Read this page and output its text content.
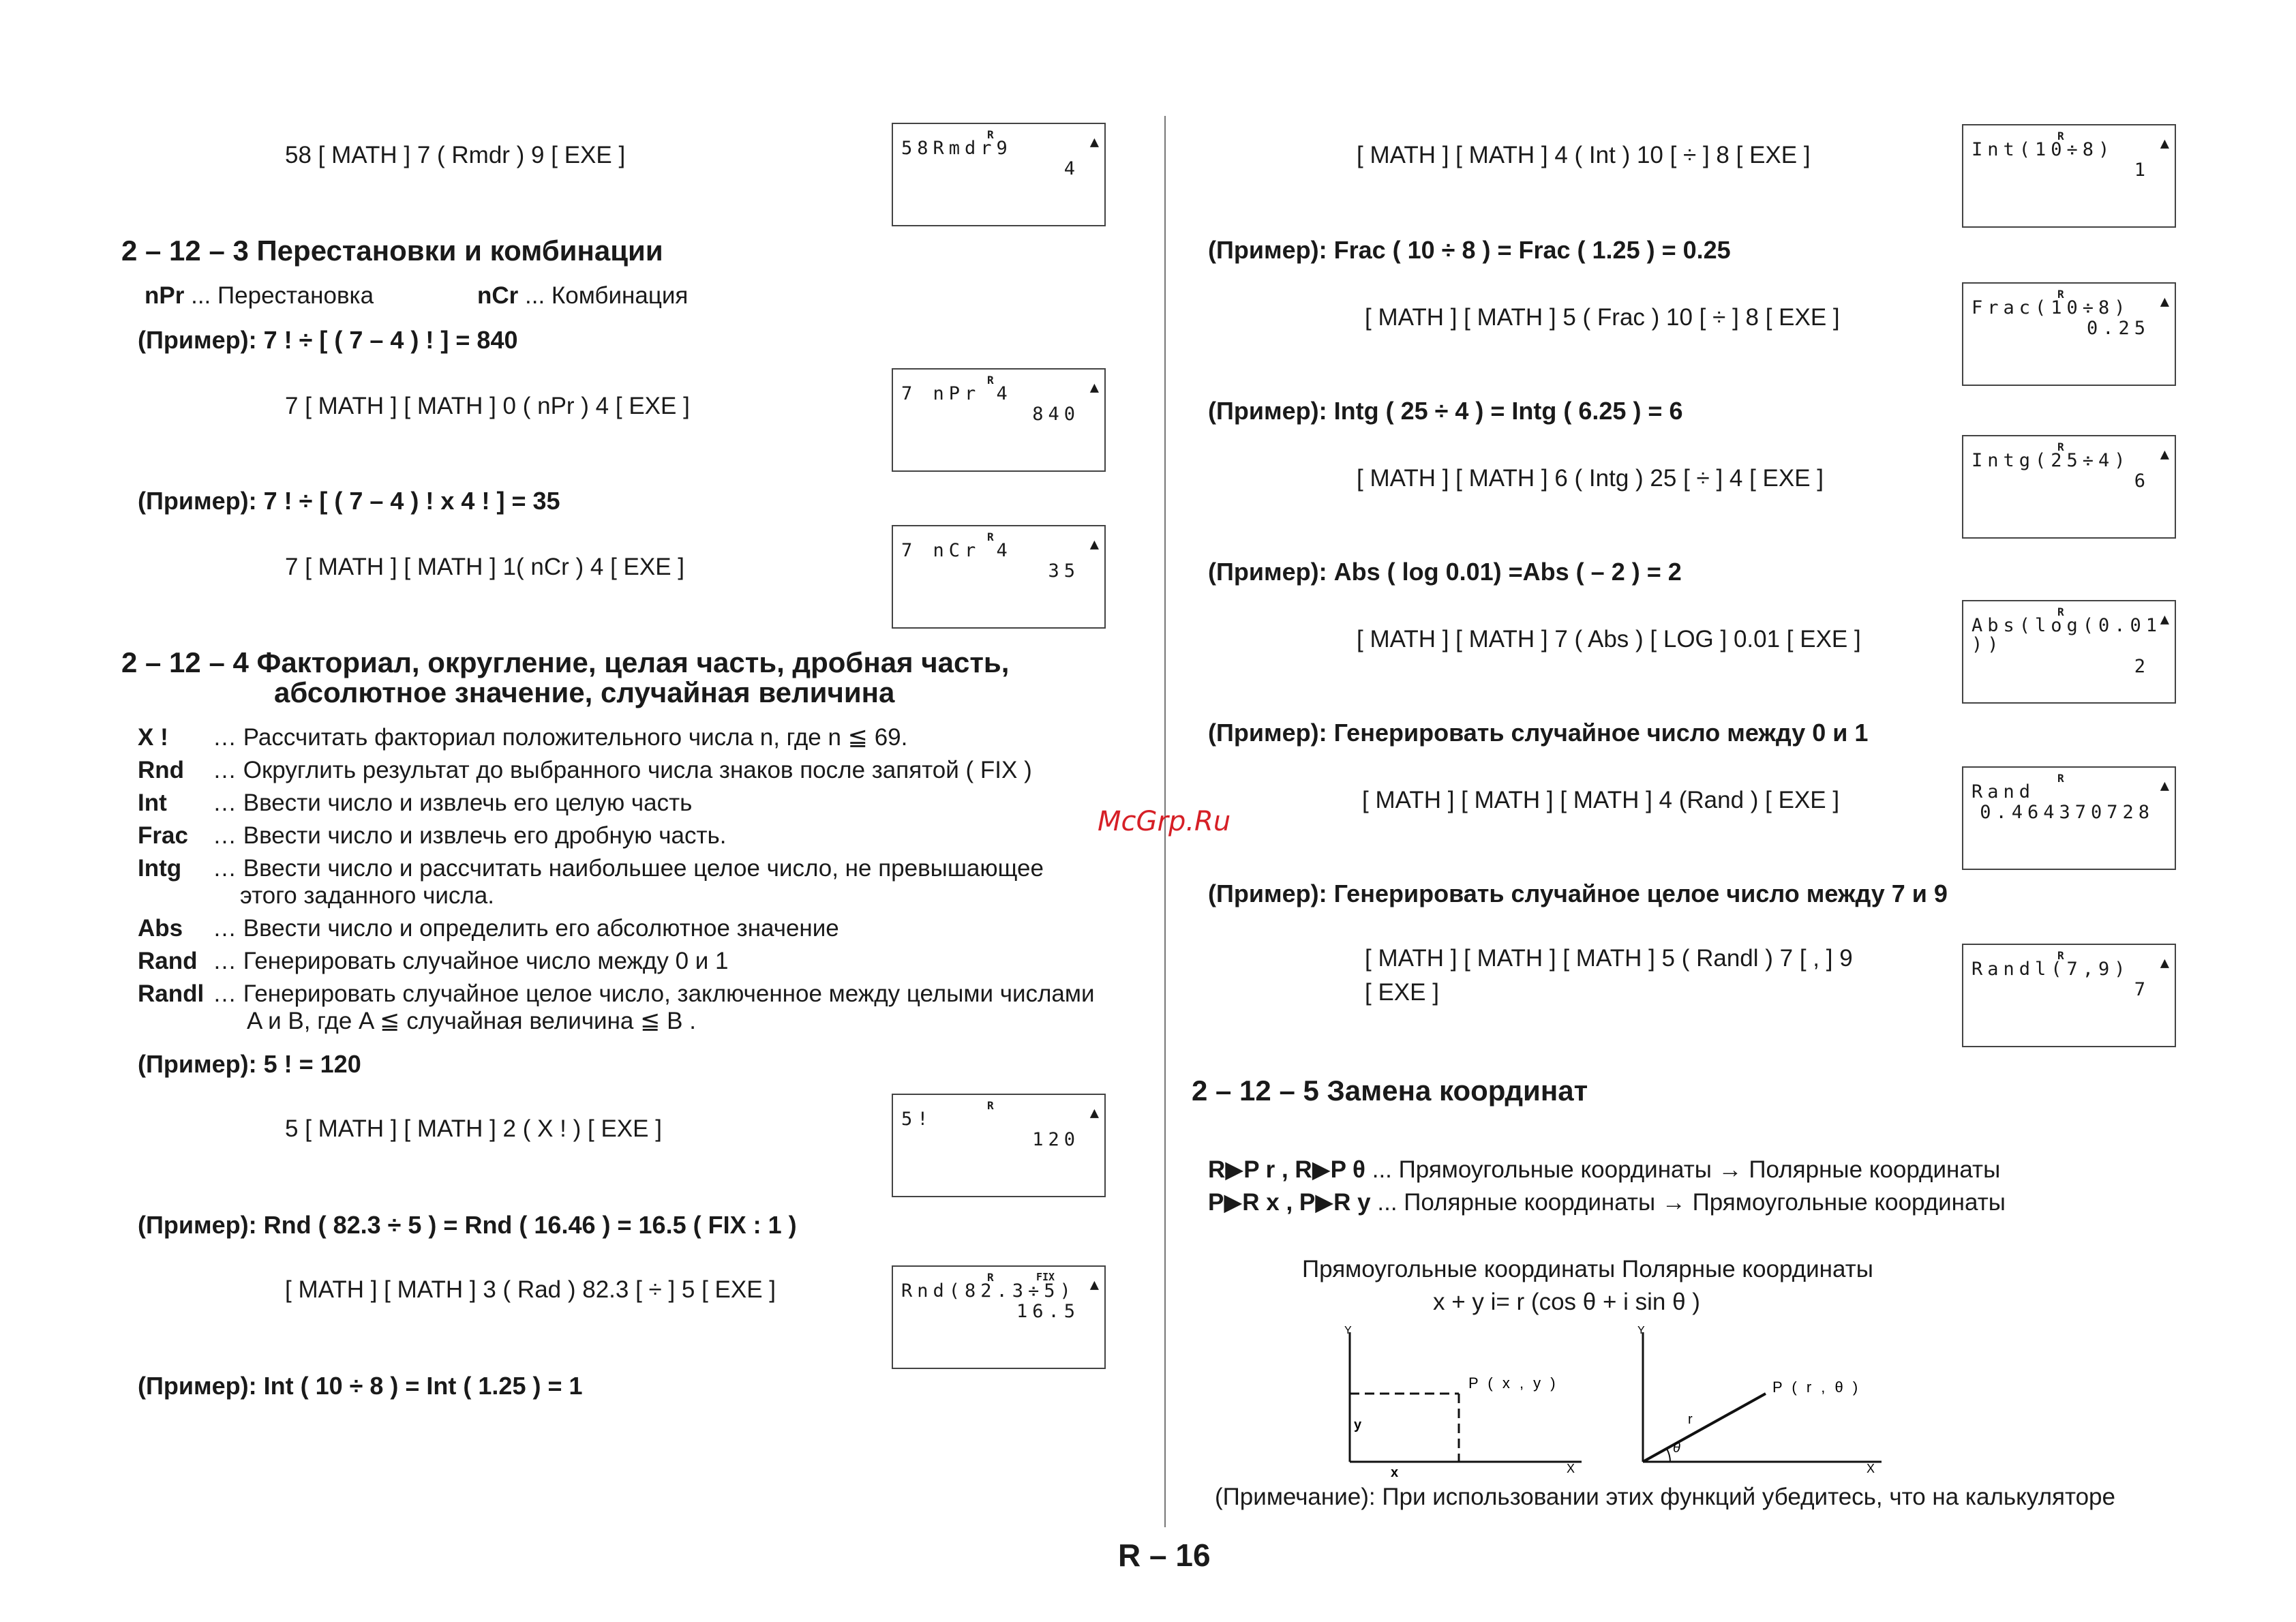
58 [ MATH ] 7 ( Rmdr ) 9 [ EXE ]
R	▲
58Rmdr9
4
2 – 12 – 3 Перестановки и комбинации
nPr ... Перестановка	nCr ... Комбинация
(Пример): 7 ! ÷ [ ( 7 – 4 ) ! ] = 840
7 [ MATH ] [ MATH ] 0 ( nPr ) 4 [ EXE ]
R	▲
7 nPr 4
840
(Пример): 7 ! ÷ [ ( 7 – 4 ) ! x 4 ! ] = 35
7 [ MATH ] [ MATH ] 1( nCr ) 4 [ EXE ]
R	▲
7 nCr 4
35
2 – 12 – 4 Факториал, округление, целая часть, дробная часть,
абсолютное значение, случайная величина
X ! … Рассчитать факториал положительного числа n, где n ≦ 69.
Rnd … Округлить результат до выбранного числа знаков после запятой ( FIX )
Int … Ввести число и извлечь его целую часть
Frac … Ввести число и извлечь его дробную часть.
Intg … Ввести число и рассчитать наибольшее целое число, не превышающее
этого заданного числа.
Abs … Ввести число и определить его абсолютное значение
Rand … Генерировать случайное число между 0 и 1
Randl … Генерировать случайное целое число, заключенное между целыми числами
A и B, где A ≦ случайная величина ≦ B .
(Пример): 5 ! = 120
5 [ MATH ] [ MATH ] 2 ( X ! ) [ EXE ]
R	▲
5!
120
(Пример): Rnd ( 82.3 ÷ 5 ) = Rnd ( 16.46 ) = 16.5 ( FIX : 1 )
[ MATH ] [ MATH ] 3 ( Rad ) 82.3 [ ÷ ] 5 [ EXE ]	R	FIX ▲
Rnd(82.3÷5)
16.5
(Пример): Int ( 10 ÷ 8 ) = Int ( 1.25 ) = 1
McGrp.Ru
[ MATH ] [ MATH ] 4 ( Int ) 10 [ ÷ ] 8 [ EXE ]
R	▲
Int(10÷8)
1
(Пример): Frac ( 10 ÷ 8 ) = Frac ( 1.25 ) = 0.25
[ MATH ] [ MATH ] 5 ( Frac ) 10 [ ÷ ] 8 [ EXE ]
R	▲
Frac(10÷8)
0.25
(Пример): Intg ( 25 ÷ 4 ) = Intg ( 6.25 ) = 6
[ MATH ] [ MATH ] 6 ( Intg ) 25 [ ÷ ] 4 [ EXE ]
R	▲
Intg(25÷4)
6
(Пример): Abs ( log 0.01) =Abs ( – 2 ) = 2
[ MATH ] [ MATH ] 7 ( Abs ) [ LOG ] 0.01 [ EXE ]
R	▲
Abs(log(0.01
))
2
(Пример): Генерировать случайное число между 0 и 1
[ MATH ] [ MATH ] [ MATH ] 4 (Rand ) [ EXE ]
R	▲
Rand
0.464370728
(Пример): Генерировать случайное целое число между 7 и 9
[ MATH ] [ MATH ] [ MATH ] 5 ( Randl ) 7 [ , ] 9
[ EXE ]
R	▲
Randl(7,9)
7
2 – 12 – 5 Замена координат
R▶P r , R▶P θ ... Прямоугольные координаты → Полярные координаты
P▶R x , P▶R y ... Полярные координаты → Прямоугольные координаты
Прямоугольные координаты Полярные координаты
x + y i= r (cos θ + i sin θ )
Y
X
P ( x , y )
y
x
Y
X
P ( r , θ )
r
θ
(Примечание): При использовании этих функций убедитесь, что на калькуляторе
R – 16
